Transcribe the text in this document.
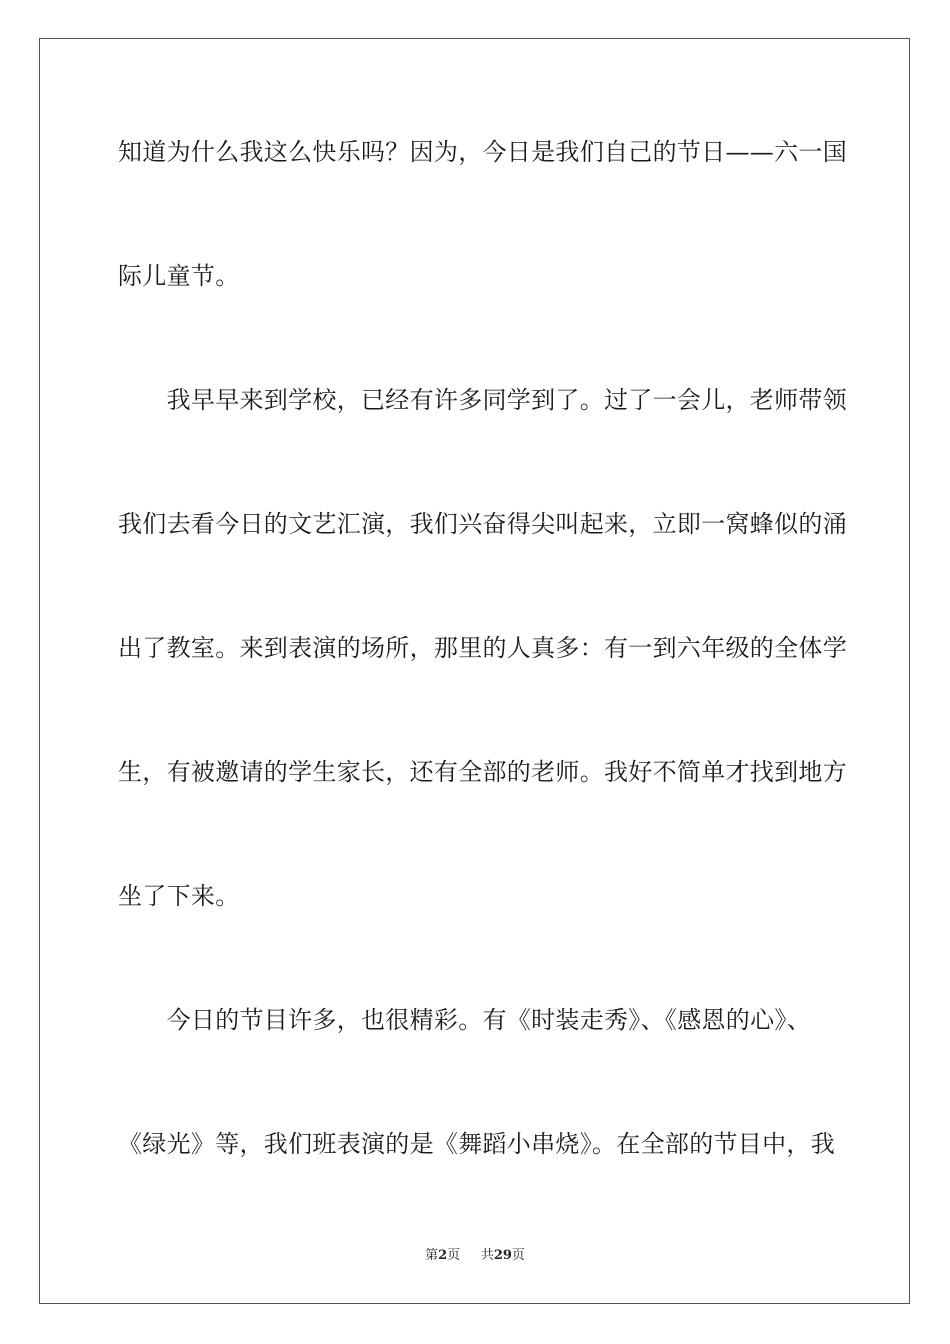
知道为什么我这么快乐吗？因为，今日是我们自己的节日——六一国
际儿童节。
　　我早早来到学校，已经有许多同学到了。过了一会儿，老师带领
我们去看今日的文艺汇演，我们兴奋得尖叫起来，立即一窝蜂似的涌
出了教室。来到表演的场所，那里的人真多：有一到六年级的全体学
生，有被邀请的学生家长，还有全部的老师。我好不简单才找到地方
坐了下来。
　　今日的节目许多，也很精彩。有《时装走秀》、《感恩的心》、
《绿光》等，我们班表演的是《舞蹈小串烧》。在全部的节目中，我
第2页 共29页
